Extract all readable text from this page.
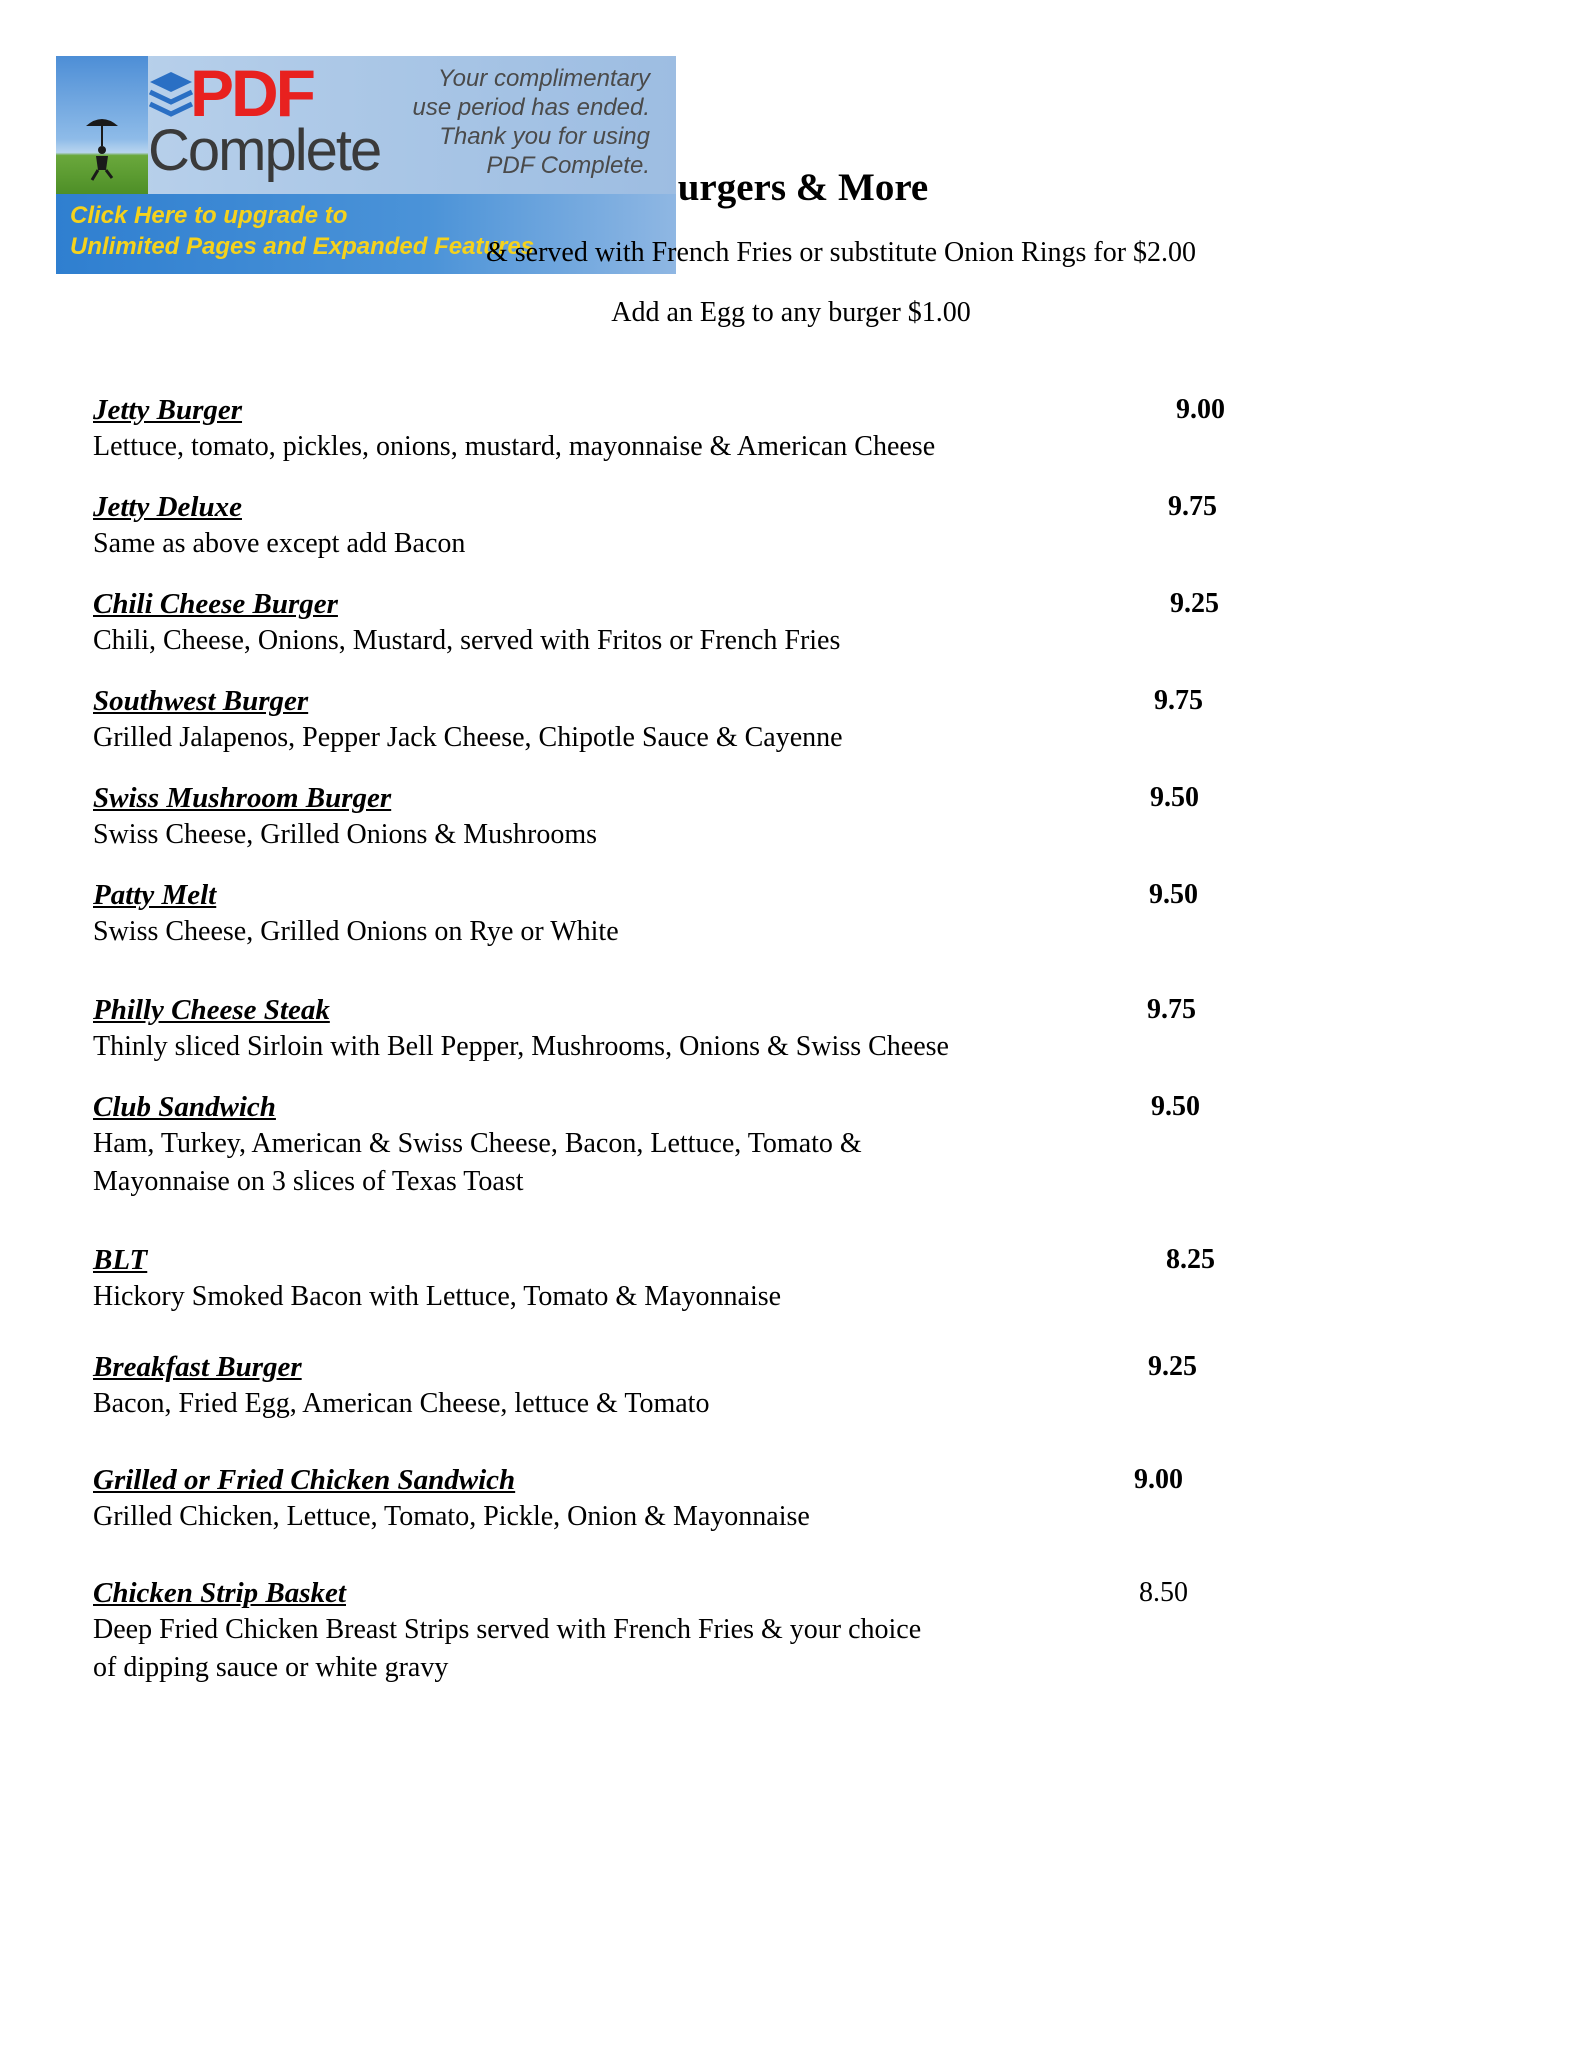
PDF
Complete
Your complimentary
use period has ended.
Thank you for using
PDF Complete.
Click Here to upgrade to
Unlimited Pages and Expanded Features
urgers & More
& served with French Fries or substitute Onion Rings for $2.00
Add an Egg to any burger $1.00
Jetty Burger	9.00
Lettuce, tomato, pickles, onions, mustard, mayonnaise & American Cheese
Jetty Deluxe	9.75
Same as above except add Bacon
Chili Cheese Burger	9.25
Chili, Cheese, Onions, Mustard, served with Fritos or French Fries
Southwest Burger	9.75
Grilled Jalapenos, Pepper Jack Cheese, Chipotle Sauce & Cayenne
Swiss Mushroom Burger	9.50
Swiss Cheese, Grilled Onions & Mushrooms
Patty Melt	9.50
Swiss Cheese, Grilled Onions on Rye or White
Philly Cheese Steak	9.75
Thinly sliced Sirloin with Bell Pepper, Mushrooms, Onions & Swiss Cheese
Club Sandwich	9.50
Ham, Turkey, American & Swiss Cheese, Bacon, Lettuce, Tomato &
Mayonnaise on 3 slices of Texas Toast
BLT	8.25
Hickory Smoked Bacon with Lettuce, Tomato & Mayonnaise
Breakfast Burger	9.25
Bacon, Fried Egg, American Cheese, lettuce & Tomato
Grilled or Fried Chicken Sandwich	9.00
Grilled Chicken, Lettuce, Tomato, Pickle, Onion & Mayonnaise
Chicken Strip Basket	8.50
Deep Fried Chicken Breast Strips served with French Fries & your choice
of dipping sauce or white gravy
